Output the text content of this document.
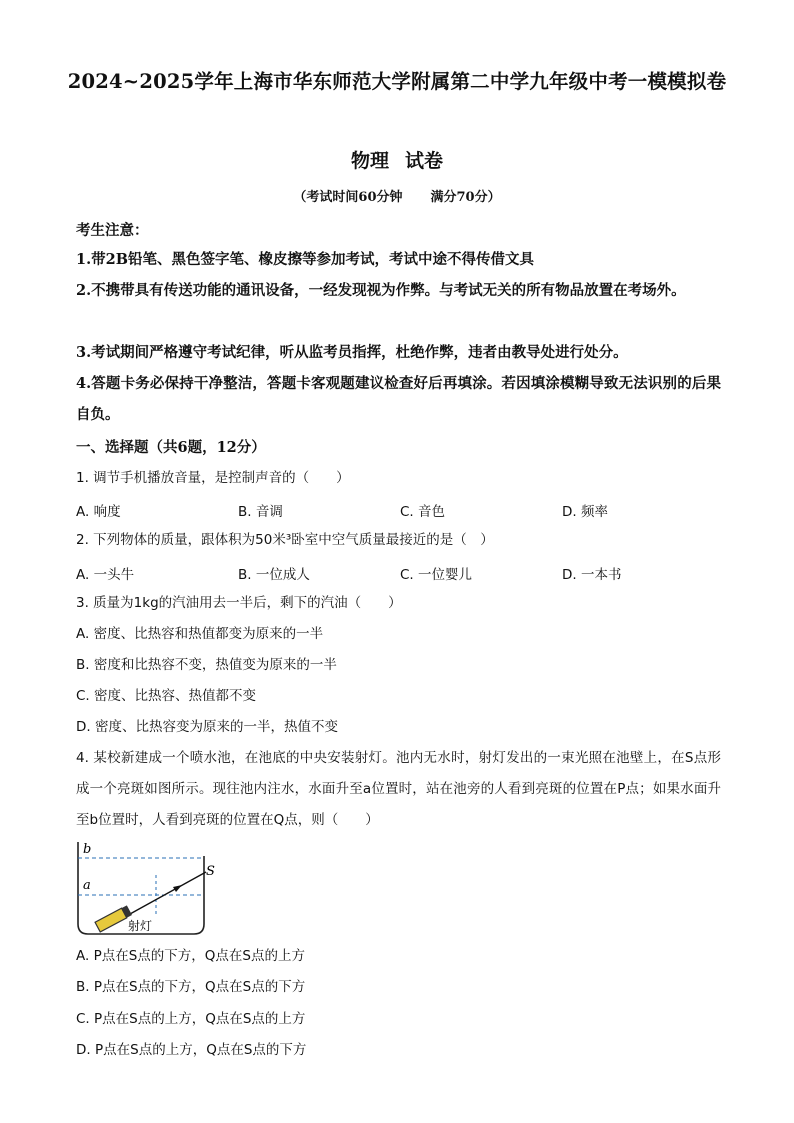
2024~2025学年上海市华东师范大学附属第二中学九年级中考一模模拟卷
物理 试卷
（考试时间60分钟 满分70分）
考生注意：
1.带2B铅笔、黑色签字笔、橡皮擦等参加考试，考试中途不得传借文具
2.不携带具有传送功能的通讯设备，一经发现视为作弊。与考试无关的所有物品放置在考场外。
3.考试期间严格遵守考试纪律，听从监考员指挥，杜绝作弊，违者由教导处进行处分。
4.答题卡务必保持干净整洁，答题卡客观题建议检查好后再填涂。若因填涂模糊导致无法识别的后果自负。
一、选择题（共6题，12分）
1. 调节手机播放音量，是控制声音的（　　）
A. 响度	B. 音调	C. 音色	D. 频率
2. 下列物体的质量，跟体积为50米³卧室中空气质量最接近的是（　）
A. 一头牛	B. 一位成人	C. 一位婴儿	D. 一本书
3. 质量为1kg的汽油用去一半后，剩下的汽油（　　）
A. 密度、比热容和热值都变为原来的一半
B. 密度和比热容不变，热值变为原来的一半
C. 密度、比热容、热值都不变
D. 密度、比热容变为原来的一半，热值不变
4. 某校新建成一个喷水池，在池底的中央安装射灯。池内无水时，射灯发出的一束光照在池壁上，在S点形成一个亮斑如图所示。现往池内注水，水面升至a位置时，站在池旁的人看到亮斑的位置在P点；如果水面升至b位置时，人看到亮斑的位置在Q点，则（　　）
b
a
S
射灯
A. P点在S点的下方，Q点在S点的上方
B. P点在S点的下方，Q点在S点的下方
C. P点在S点的上方，Q点在S点的上方
D. P点在S点的上方，Q点在S点的下方
